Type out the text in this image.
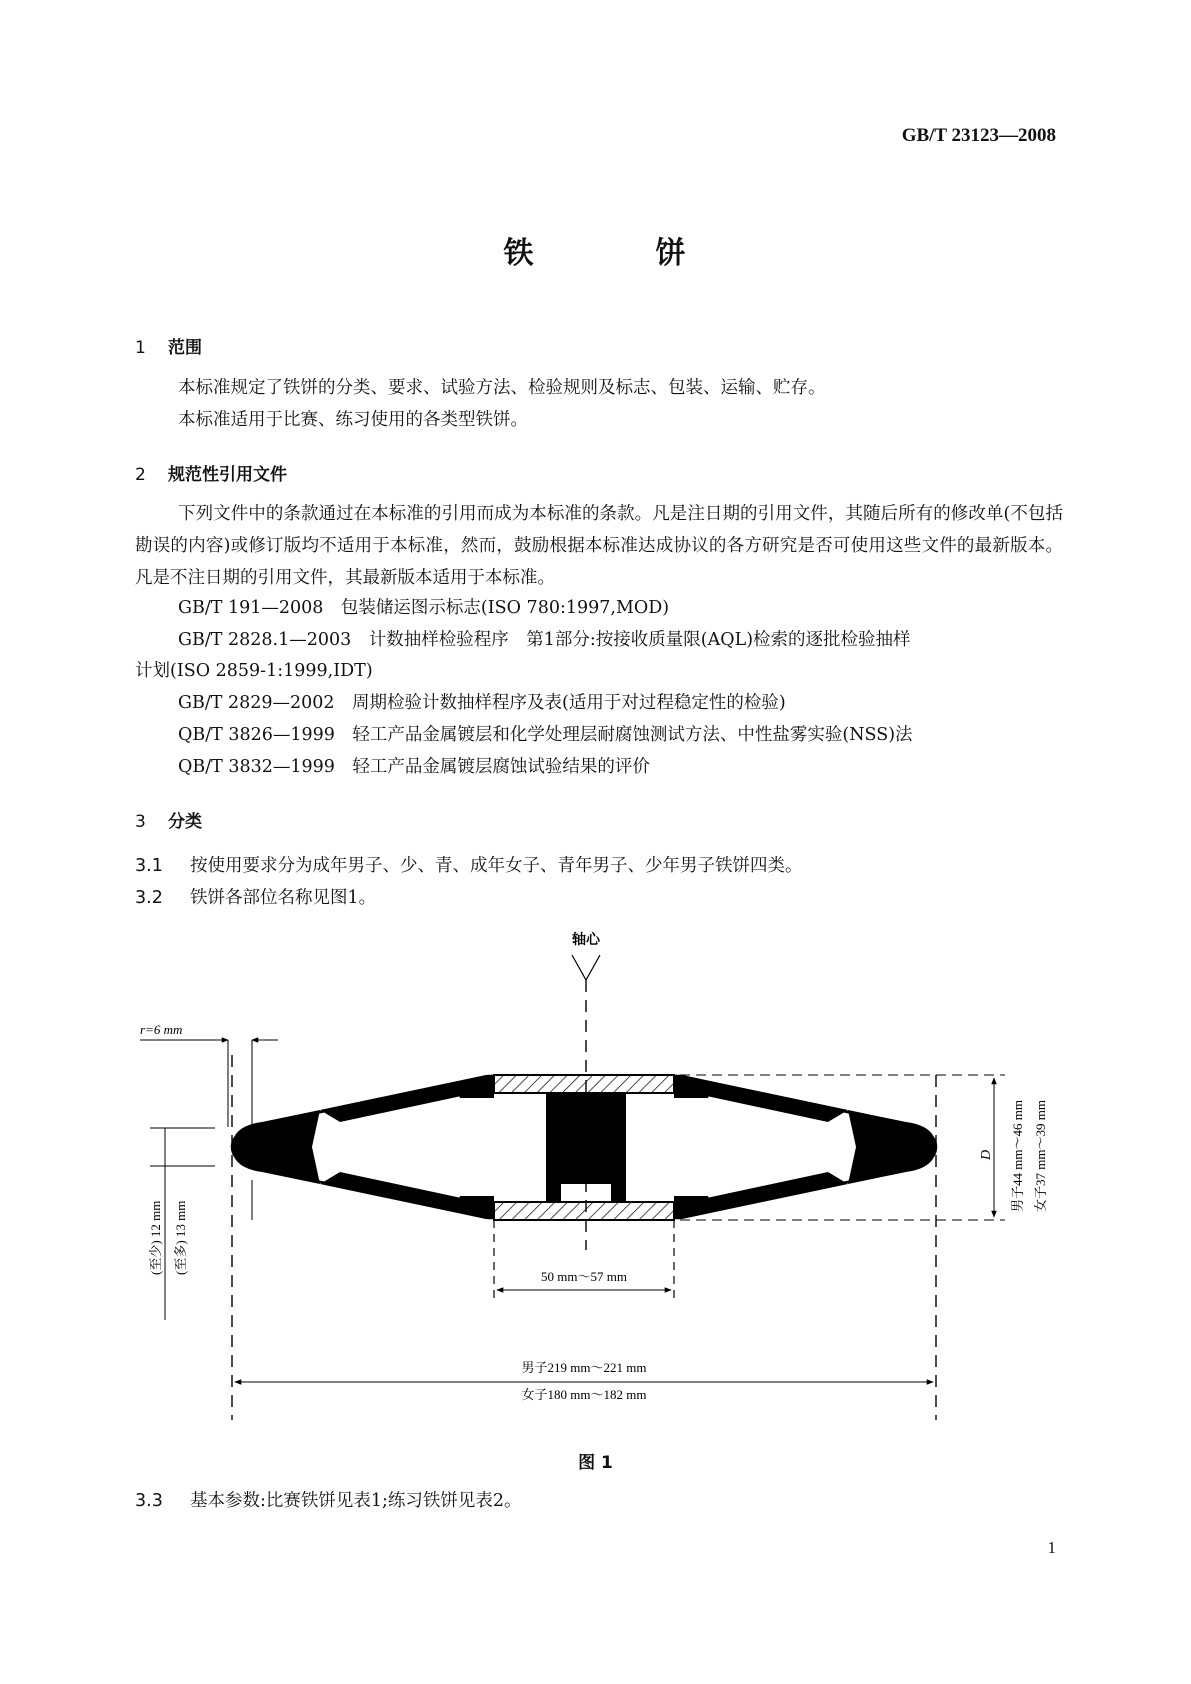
GB/T 23123—2008
铁	饼
1 范围
本标准规定了铁饼的分类、要求、试验方法、检验规则及标志、包装、运输、贮存。
本标准适用于比赛、练习使用的各类型铁饼。
2 规范性引用文件
下列文件中的条款通过在本标准的引用而成为本标准的条款。凡是注日期的引用文件，其随后所有的修改单(不包括勘误的内容)或修订版均不适用于本标准，然而，鼓励根据本标准达成协议的各方研究是否可使用这些文件的最新版本。凡是不注日期的引用文件，其最新版本适用于本标准。
GB/T 191—2008　 包装储运图示标志(ISO 780:1997,MOD)
GB/T 2828.1—2003　 计数抽样检验程序　第1部分:按接收质量限(AQL)检索的逐批检验抽样
计划(ISO 2859-1:1999,IDT)
GB/T 2829—2002　 周期检验计数抽样程序及表(适用于对过程稳定性的检验)
QB/T 3826—1999　 轻工产品金属镀层和化学处理层耐腐蚀测试方法、中性盐雾实验(NSS)法
QB/T 3832—1999　 轻工产品金属镀层腐蚀试验结果的评价
3 分类
3.1 按使用要求分为成年男子、少、青、成年女子、青年男子、少年男子铁饼四类。
3.2 铁饼各部位名称见图1。
轴心
r=6 mm
(至少) 12 mm (至多) 13 mm
50 mm～57 mm
D 男子44 mm～46 mm 女子37 mm～39 mm
男子219 mm～221 mm
女子180 mm～182 mm
图 1
3.3 基本参数:比赛铁饼见表1;练习铁饼见表2。
1
